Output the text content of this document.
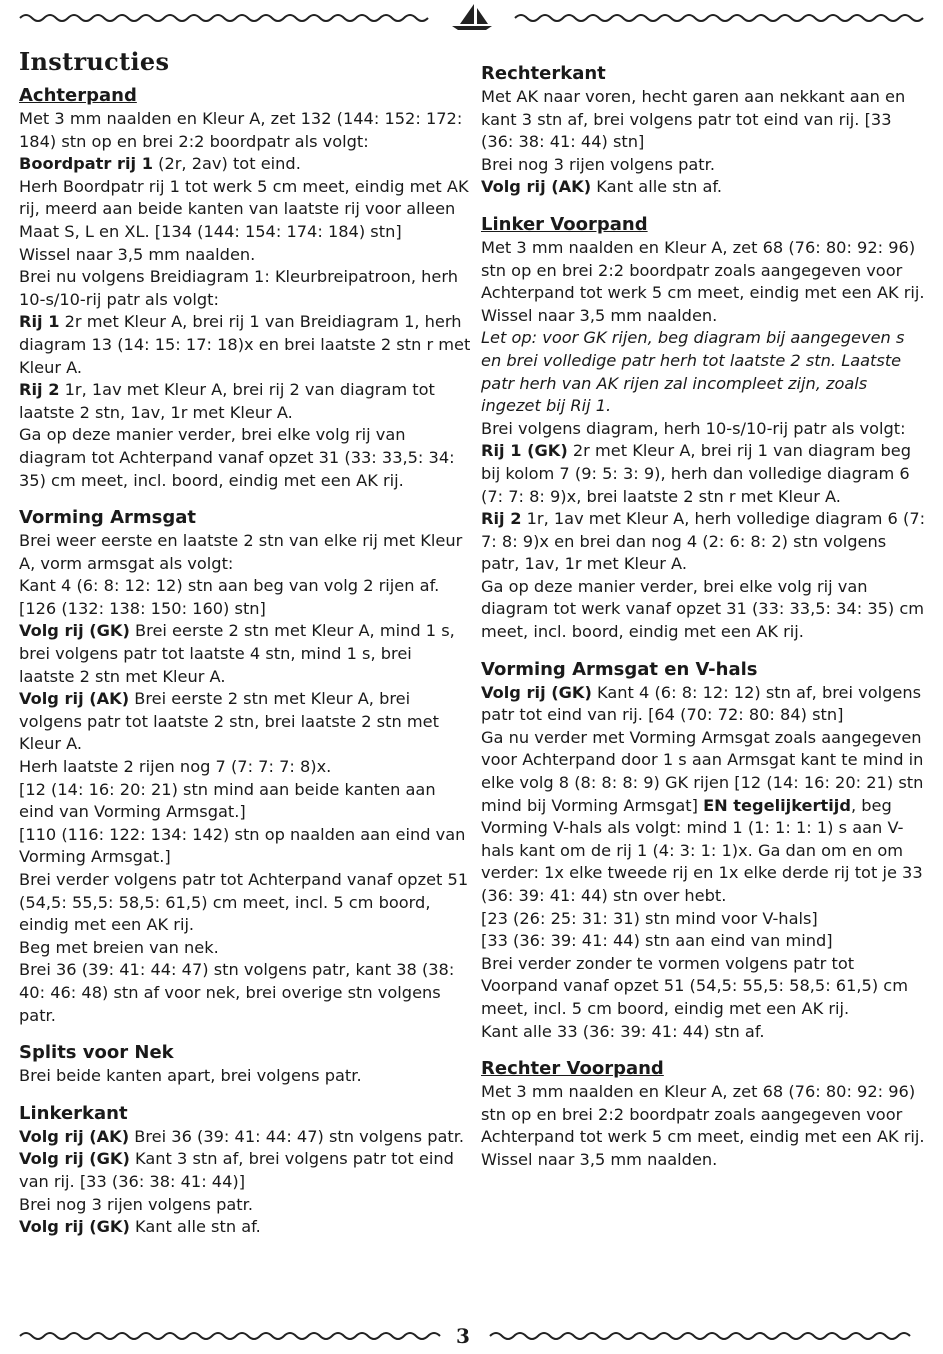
Instructies

Achterpand

Met 3 mm naalden en Kleur A, zet 132 (144: 152: 172: 184) stn op en brei 2:2 boordpatr als volgt:

Boordpatr rij 1 (2r, 2av) tot eind.

Herh Boordpatr rij 1 tot werk 5 cm meet, eindig met AK rij, meerd aan beide kanten van laatste rij voor alleen Maat S, L en XL. [134 (144: 154: 174: 184) stn]

Wissel naar 3,5 mm naalden.

Brei nu volgens Breidiagram 1: Kleurbreipatroon, herh 10-s/10-rij patr als volgt:

Rij 1 2r met Kleur A, brei rij 1 van Breidiagram 1, herh diagram 13 (14: 15: 17: 18)x en brei laatste 2 stn r met Kleur A.

Rij 2 1r, 1av met Kleur A, brei rij 2 van diagram tot laatste 2 stn, 1av, 1r met Kleur A.

Ga op deze manier verder, brei elke volg rij van diagram tot Achterpand vanaf opzet 31 (33: 33,5: 34: 35) cm meet, incl. boord, eindig met een AK rij.

Vorming Armsgat

Brei weer eerste en laatste 2 stn van elke rij met Kleur A, vorm armsgat als volgt:

Kant 4 (6: 8: 12: 12) stn aan beg van volg 2 rijen af. [126 (132: 138: 150: 160) stn]

Volg rij (GK) Brei eerste 2 stn met Kleur A, mind 1 s, brei volgens patr tot laatste 4 stn, mind 1 s, brei laatste 2 stn met Kleur A.

Volg rij (AK) Brei eerste 2 stn met Kleur A, brei volgens patr tot laatste 2 stn, brei laatste 2 stn met Kleur A.

Herh laatste 2 rijen nog 7 (7: 7: 7: 8)x.

[12 (14: 16: 20: 21) stn mind aan beide kanten aan eind van Vorming Armsgat.]

[110 (116: 122: 134: 142) stn op naalden aan eind van Vorming Armsgat.]

Brei verder volgens patr tot Achterpand vanaf opzet 51 (54,5: 55,5: 58,5: 61,5) cm meet, incl. 5 cm boord, eindig met een AK rij.

Beg met breien van nek.

Brei 36 (39: 41: 44: 47) stn volgens patr, kant 38 (38: 40: 46: 48) stn af voor nek, brei overige stn volgens patr.

Splits voor Nek

Brei beide kanten apart, brei volgens patr.

Linkerkant

Volg rij (AK) Brei 36 (39: 41: 44: 47) stn volgens patr.

Volg rij (GK) Kant 3 stn af, brei volgens patr tot eind van rij. [33 (36: 38: 41: 44)]

Brei nog 3 rijen volgens patr.

Volg rij (GK) Kant alle stn af.

Rechterkant

Met AK naar voren, hecht garen aan nekkant aan en kant 3 stn af, brei volgens patr tot eind van rij. [33 (36: 38: 41: 44) stn]

Brei nog 3 rijen volgens patr.

Volg rij (AK) Kant alle stn af.

Linker Voorpand

Met 3 mm naalden en Kleur A, zet 68 (76: 80: 92: 96) stn op en brei 2:2 boordpatr zoals aangegeven voor Achterpand tot werk 5 cm meet, eindig met een AK rij.

Wissel naar 3,5 mm naalden.

Let op: voor GK rijen, beg diagram bij aangegeven s en brei volledige patr herh tot laatste 2 stn. Laatste patr herh van AK rijen zal incompleet zijn, zoals ingezet bij Rij 1.

Brei volgens diagram, herh 10-s/10-rij patr als volgt:

Rij 1 (GK) 2r met Kleur A, brei rij 1 van diagram beg bij kolom 7 (9: 5: 3: 9), herh dan volledige diagram 6 (7: 7: 8: 9)x, brei laatste 2 stn r met Kleur A.

Rij 2 1r, 1av met Kleur A, herh volledige diagram 6 (7: 7: 8: 9)x en brei dan nog 4 (2: 6: 8: 2) stn volgens patr, 1av, 1r met Kleur A.

Ga op deze manier verder, brei elke volg rij van diagram tot werk vanaf opzet 31 (33: 33,5: 34: 35) cm meet, incl. boord, eindig met een AK rij.

Vorming Armsgat en V-hals

Volg rij (GK) Kant 4 (6: 8: 12: 12) stn af, brei volgens patr tot eind van rij. [64 (70: 72: 80: 84) stn]

Ga nu verder met Vorming Armsgat zoals aangegeven voor Achterpand door 1 s aan Armsgat kant te mind in elke volg 8 (8: 8: 8: 9) GK rijen [12 (14: 16: 20: 21) stn mind bij Vorming Armsgat] EN tegelijkertijd, beg Vorming V-hals als volgt: mind 1 (1: 1: 1: 1) s aan V-hals kant om de rij 1 (4: 3: 1: 1)x. Ga dan om en om verder: 1x elke tweede rij en 1x elke derde rij tot je 33 (36: 39: 41: 44) stn over hebt.

[23 (26: 25: 31: 31) stn mind voor V-hals]

[33 (36: 39: 41: 44) stn aan eind van mind]

Brei verder zonder te vormen volgens patr tot Voorpand vanaf opzet 51 (54,5: 55,5: 58,5: 61,5) cm meet, incl. 5 cm boord, eindig met een AK rij.

Kant alle 33 (36: 39: 41: 44) stn af.

Rechter Voorpand

Met 3 mm naalden en Kleur A, zet 68 (76: 80: 92: 96) stn op en brei 2:2 boordpatr zoals aangegeven voor Achterpand tot werk 5 cm meet, eindig met een AK rij.

Wissel naar 3,5 mm naalden.

3
